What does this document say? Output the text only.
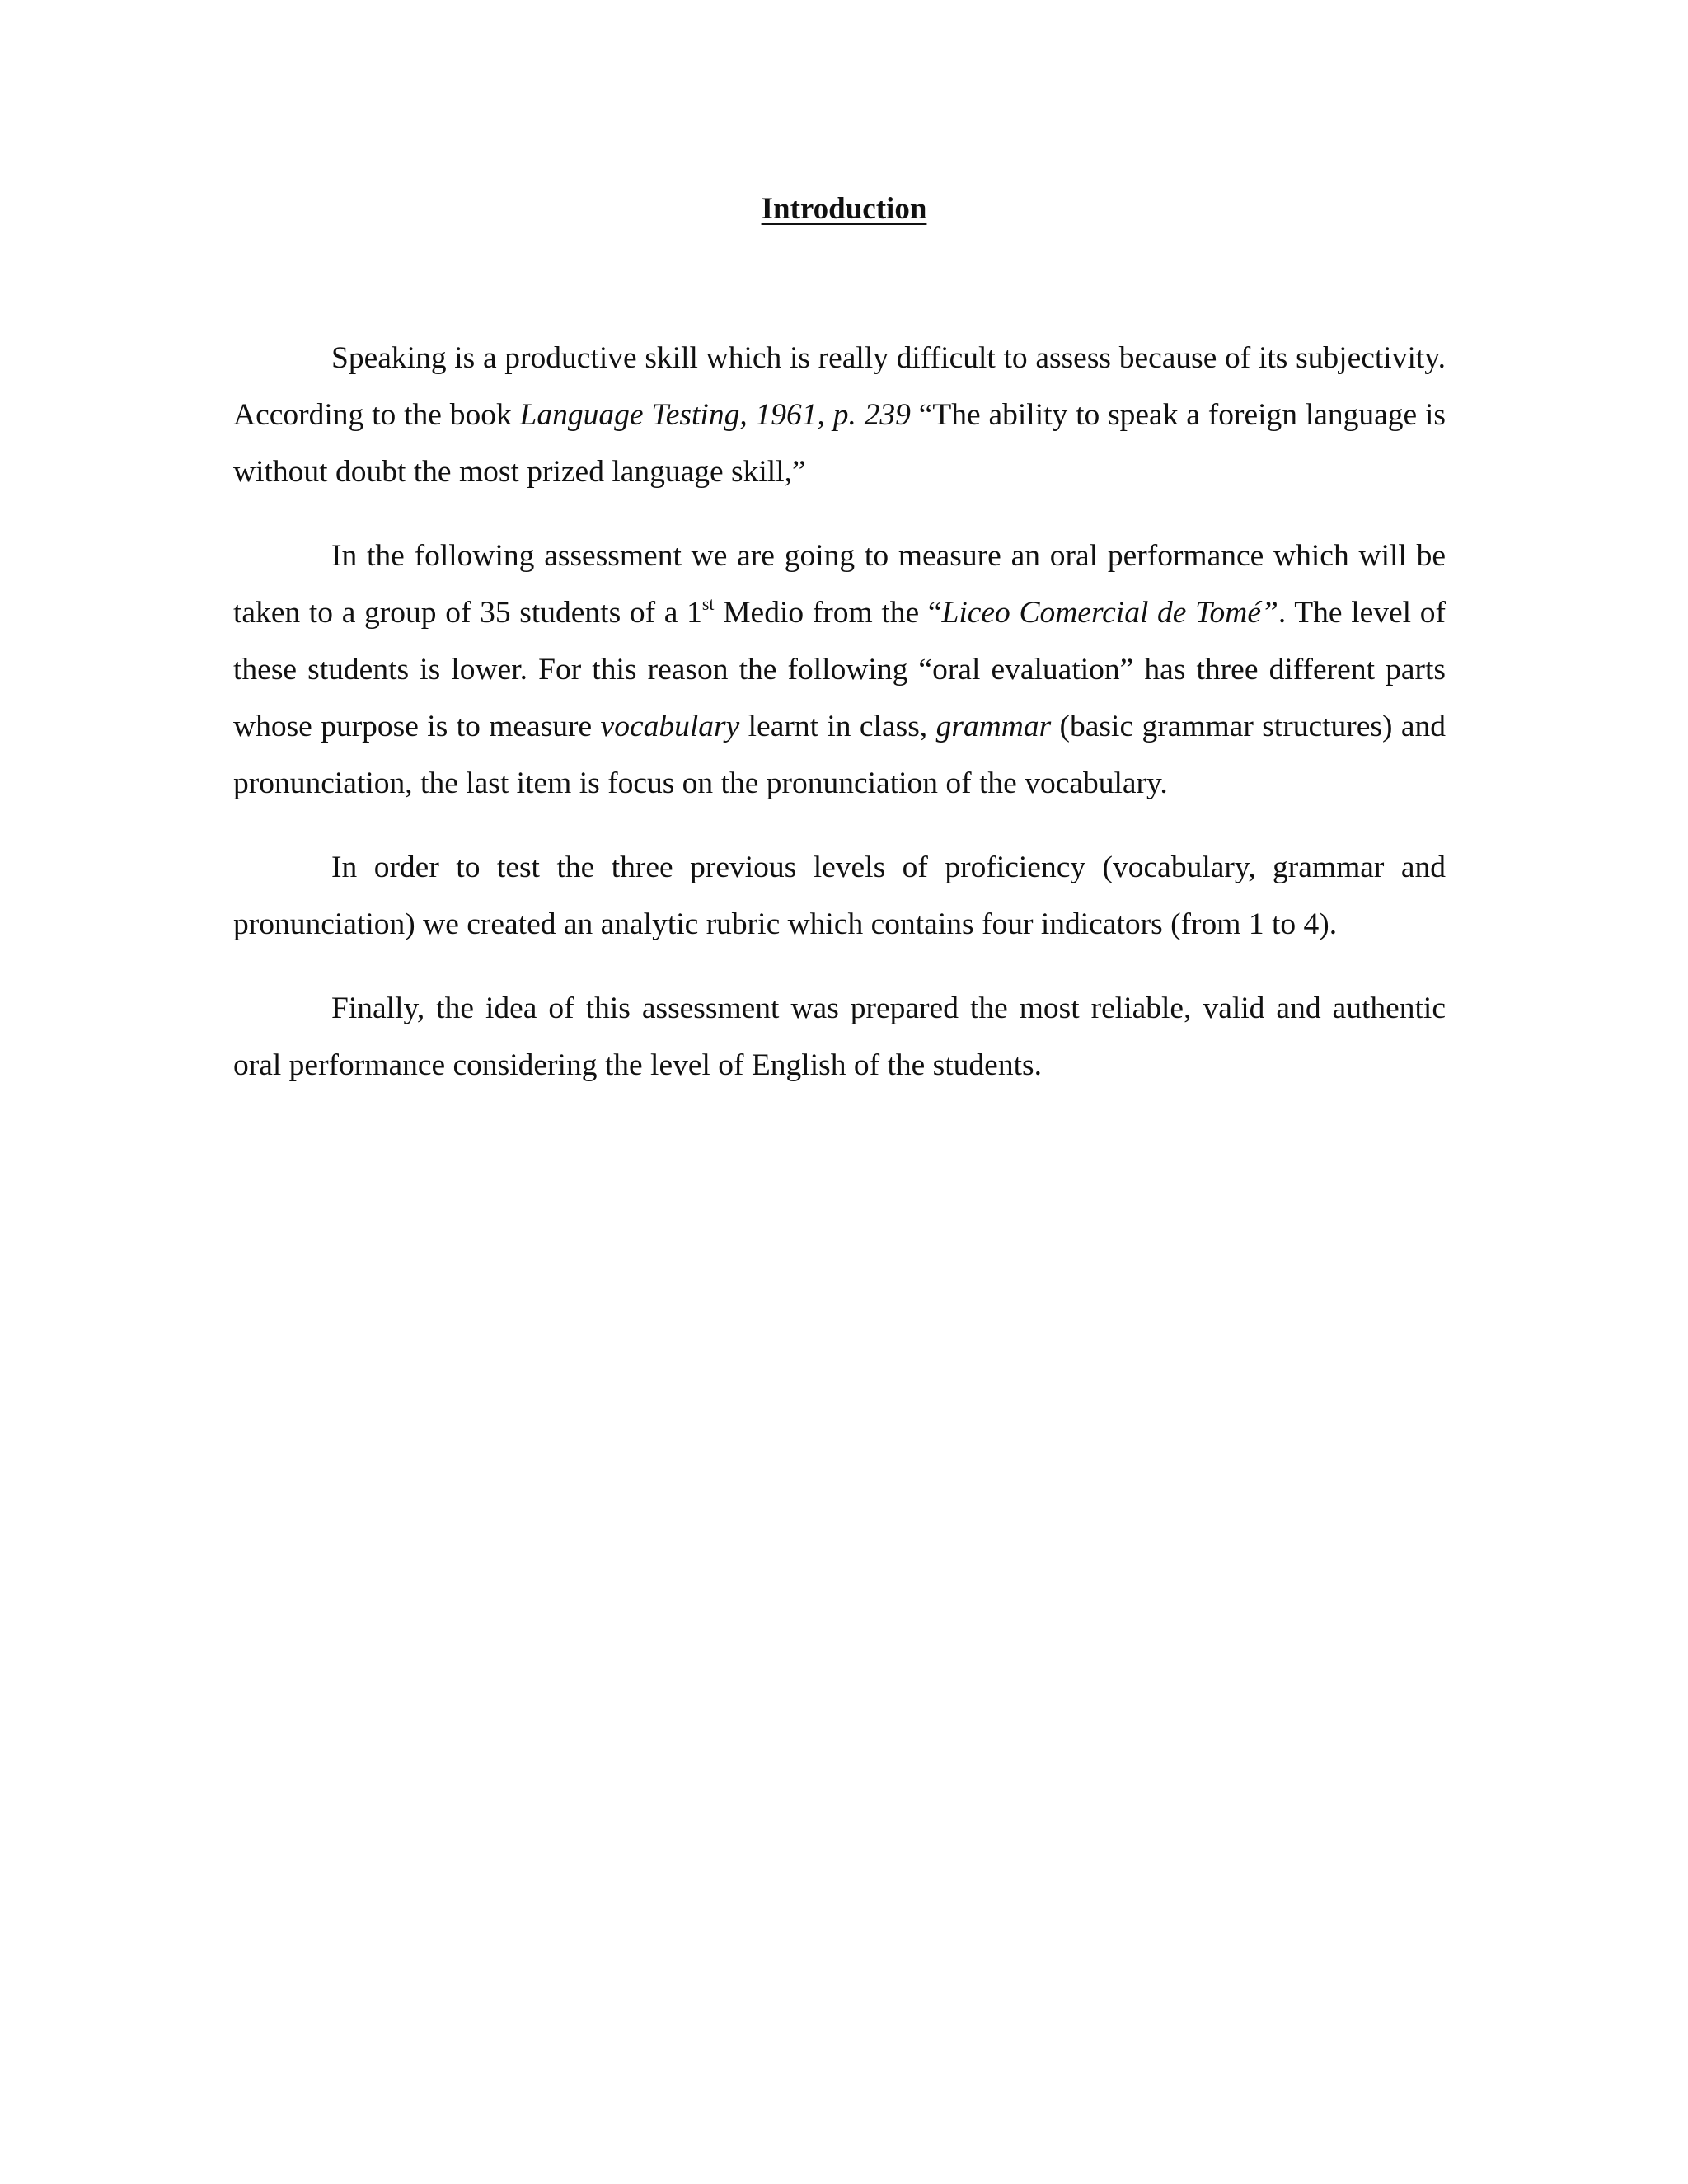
Introduction

Speaking is a productive skill which is really difficult to assess because of its subjectivity. According to the book Language Testing, 1961, p. 239 “The ability to speak a foreign language is without doubt the most prized language skill,”

In the following assessment we are going to measure an oral performance which will be taken to a group of 35 students of a 1st Medio from the “Liceo Comercial de Tomé”. The level of these students is lower. For this reason the following “oral evaluation” has three different parts whose purpose is to measure vocabulary learnt in class, grammar (basic grammar structures) and pronunciation, the last item is focus on the pronunciation of the vocabulary.

In order to test the three previous levels of proficiency (vocabulary, grammar and pronunciation) we created an analytic rubric which contains four indicators (from 1 to 4).

Finally, the idea of this assessment was prepared the most reliable, valid and authentic oral performance considering the level of English of the students.
